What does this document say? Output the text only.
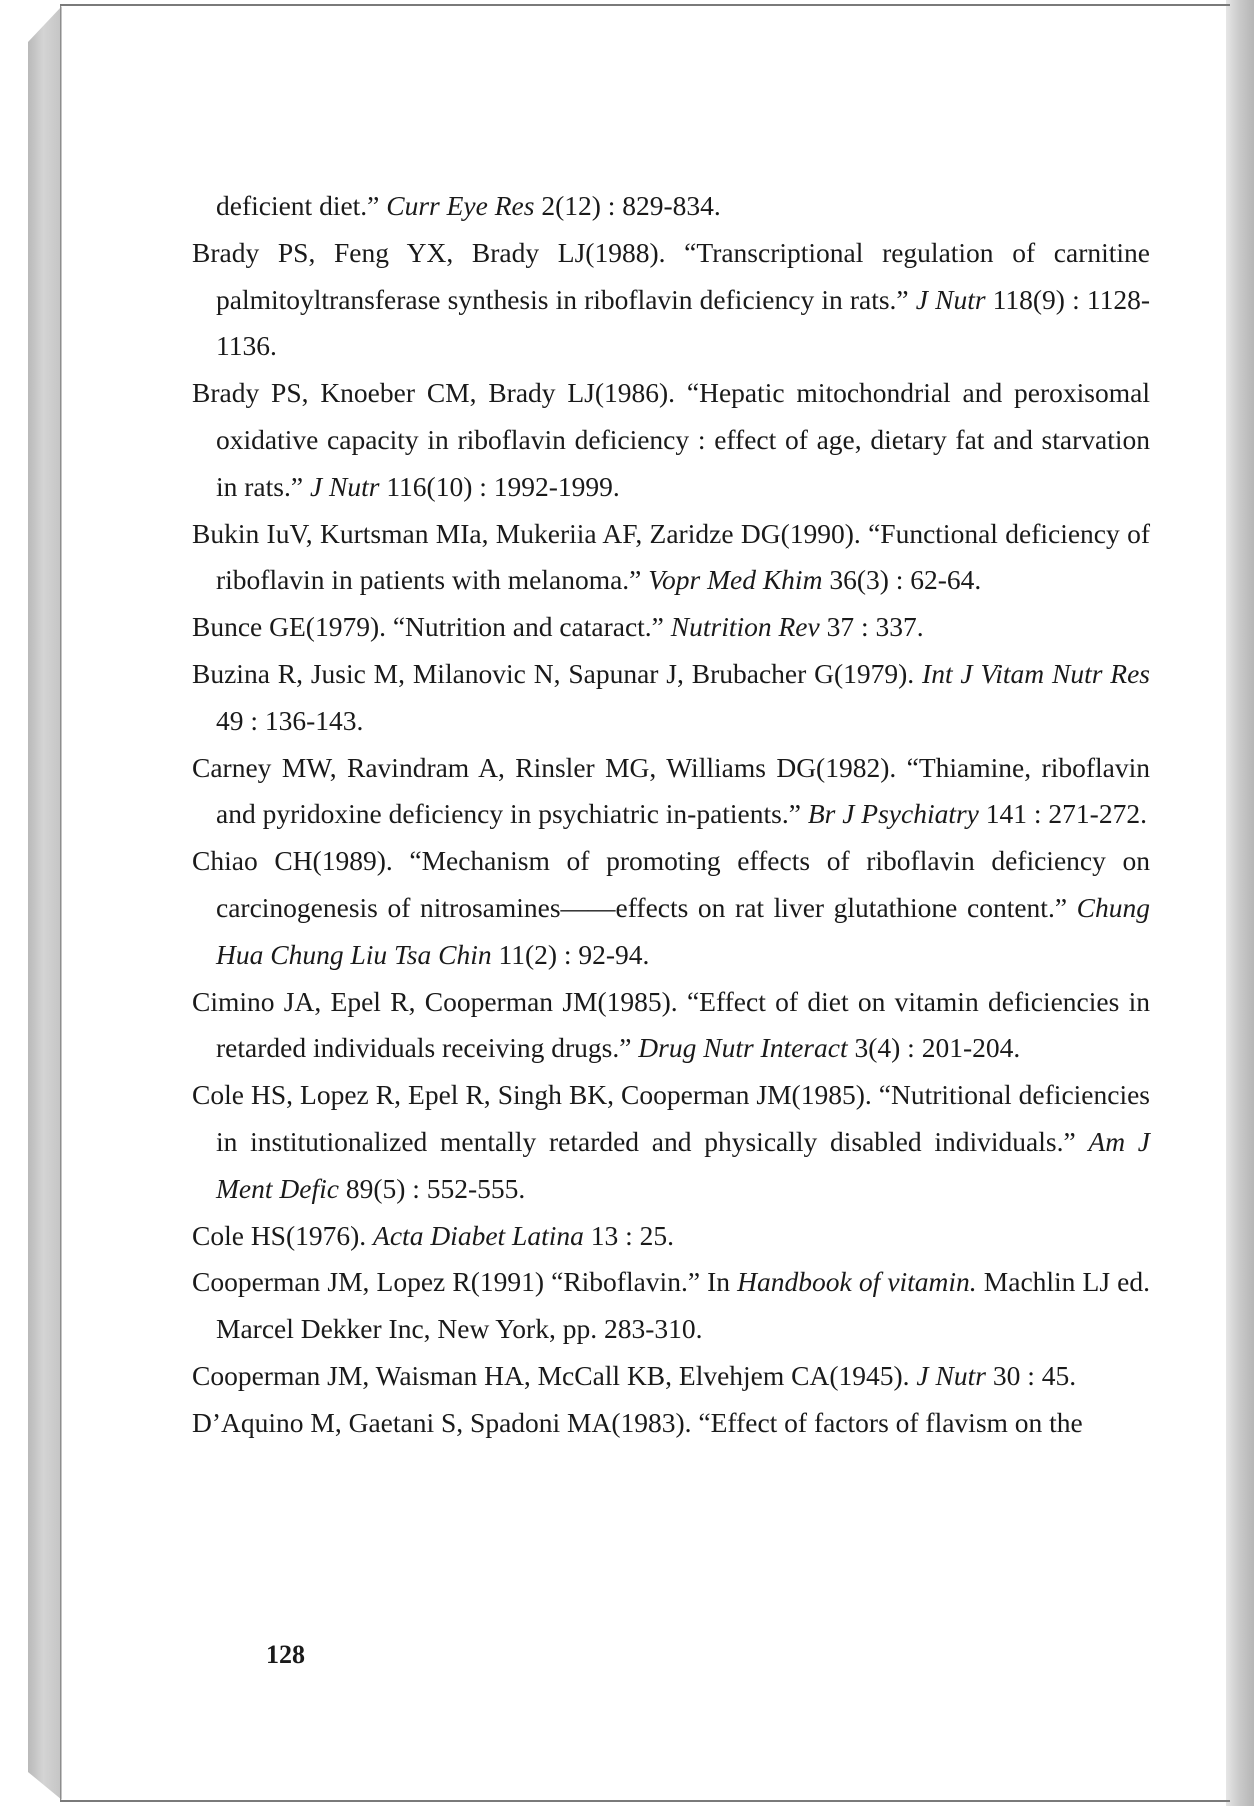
deficient diet.” Curr Eye Res 2(12) : 829-834.

Brady PS, Feng YX, Brady LJ(1988). “Transcriptional regulation of carnitine palmitoyltransferase synthesis in riboflavin deficiency in rats.” J Nutr 118(9) : 1128-1136.

Brady PS, Knoeber CM, Brady LJ(1986). “Hepatic mitochondrial and peroxisomal oxidative capacity in riboflavin deficiency : effect of age, dietary fat and starvation in rats.” J Nutr 116(10) : 1992-1999.

Bukin IuV, Kurtsman MIa, Mukeriia AF, Zaridze DG(1990). “Functional deficiency of riboflavin in patients with melanoma.” Vopr Med Khim 36(3) : 62-64.

Bunce GE(1979). “Nutrition and cataract.” Nutrition Rev 37 : 337.

Buzina R, Jusic M, Milanovic N, Sapunar J, Brubacher G(1979). Int J Vitam Nutr Res 49 : 136-143.

Carney MW, Ravindram A, Rinsler MG, Williams DG(1982). “Thiamine, riboflavin and pyridoxine deficiency in psychiatric in-patients.” Br J Psychiatry 141 : 271-272.

Chiao CH(1989). “Mechanism of promoting effects of riboflavin deficiency on carcinogenesis of nitrosamines——effects on rat liver glutathione content.” Chung Hua Chung Liu Tsa Chin 11(2) : 92-94.

Cimino JA, Epel R, Cooperman JM(1985). “Effect of diet on vitamin deficiencies in retarded individuals receiving drugs.” Drug Nutr Interact 3(4) : 201-204.

Cole HS, Lopez R, Epel R, Singh BK, Cooperman JM(1985). “Nutritional deficiencies in institutionalized mentally retarded and physically disabled individuals.” Am J Ment Defic 89(5) : 552-555.

Cole HS(1976). Acta Diabet Latina 13 : 25.

Cooperman JM, Lopez R(1991) “Riboflavin.” In Handbook of vitamin. Machlin LJ ed. Marcel Dekker Inc, New York, pp. 283-310.

Cooperman JM, Waisman HA, McCall KB, Elvehjem CA(1945). J Nutr 30 : 45.

D’Aquino M, Gaetani S, Spadoni MA(1983). “Effect of factors of flavism on the

128
